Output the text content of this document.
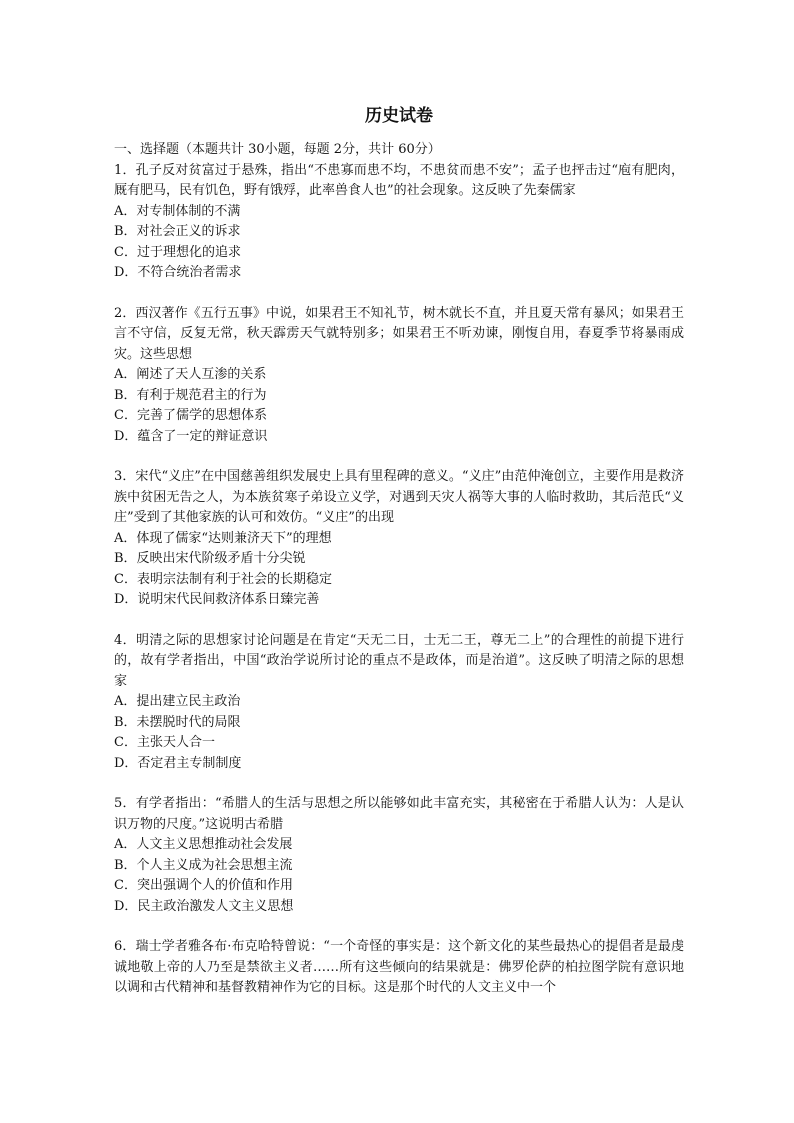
历史试卷

一、选择题（本题共计 30小题，每题 2分，共计 60分）

1．孔子反对贫富过于悬殊，指出“不患寡而患不均，不患贫而患不安”；孟子也抨击过“庖有肥肉，厩有肥马，民有饥色，野有饿殍，此率兽食人也”的社会现象。这反映了先秦儒家

A．对专制体制的不满

B．对社会正义的诉求

C．过于理想化的追求

D．不符合统治者需求

2．西汉著作《五行五事》中说，如果君王不知礼节，树木就长不直，并且夏天常有暴风；如果君王言不守信，反复无常，秋天霹雳天气就特别多；如果君王不听劝谏，刚愎自用，春夏季节将暴雨成灾。这些思想

A．阐述了天人互渗的关系

B．有利于规范君主的行为

C．完善了儒学的思想体系

D．蕴含了一定的辩证意识

3．宋代“义庄”在中国慈善组织发展史上具有里程碑的意义。“义庄”由范仲淹创立，主要作用是救济族中贫困无告之人，为本族贫寒子弟设立义学，对遇到天灾人祸等大事的人临时救助，其后范氏“义庄”受到了其他家族的认可和效仿。“义庄”的出现

A．体现了儒家“达则兼济天下”的理想

B．反映出宋代阶级矛盾十分尖锐

C．表明宗法制有利于社会的长期稳定

D．说明宋代民间救济体系日臻完善

4．明清之际的思想家讨论问题是在肯定“天无二日，士无二王，尊无二上”的合理性的前提下进行的，故有学者指出，中国“政治学说所讨论的重点不是政体，而是治道”。这反映了明清之际的思想家

A．提出建立民主政治

B．未摆脱时代的局限

C．主张天人合一

D．否定君主专制制度

5．有学者指出：“希腊人的生活与思想之所以能够如此丰富充实，其秘密在于希腊人认为：人是认识万物的尺度。”这说明古希腊

A．人文主义思想推动社会发展

B．个人主义成为社会思想主流

C．突出强调个人的价值和作用

D．民主政治激发人文主义思想

6．瑞士学者雅各布·布克哈特曾说：“一个奇怪的事实是：这个新文化的某些最热心的提倡者是最虔诚地敬上帝的人乃至是禁欲主义者……所有这些倾向的结果就是：佛罗伦萨的柏拉图学院有意识地以调和古代精神和基督教精神作为它的目标。这是那个时代的人文主义中一个
